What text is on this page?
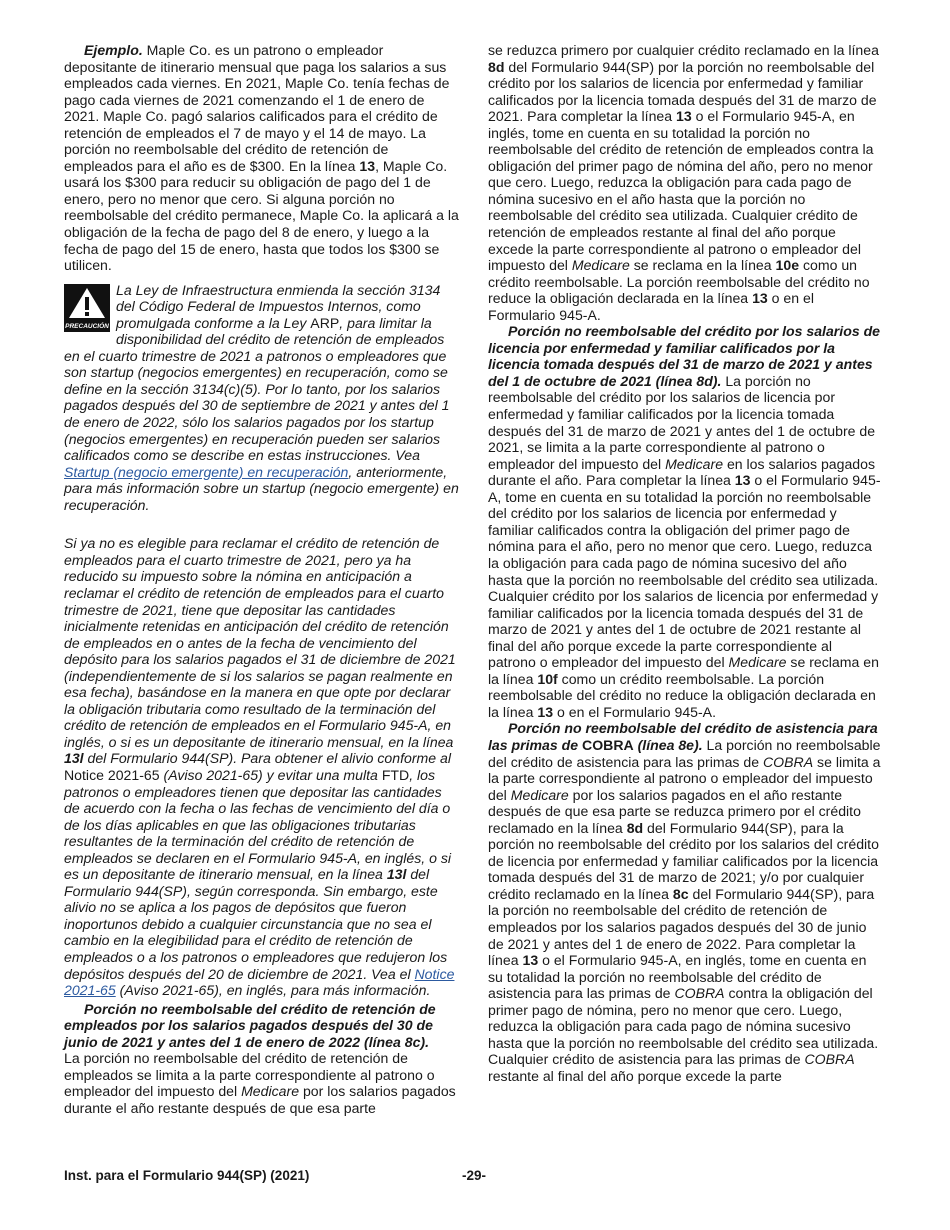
Ejemplo. Maple Co. es un patrono o empleador depositante de itinerario mensual que paga los salarios a sus empleados cada viernes. En 2021, Maple Co. tenía fechas de pago cada viernes de 2021 comenzando el 1 de enero de 2021. Maple Co. pagó salarios calificados para el crédito de retención de empleados el 7 de mayo y el 14 de mayo. La porción no reembolsable del crédito de retención de empleados para el año es de $300. En la línea 13, Maple Co. usará los $300 para reducir su obligación de pago del 1 de enero, pero no menor que cero. Si alguna porción no reembolsable del crédito permanece, Maple Co. la aplicará a la obligación de la fecha de pago del 8 de enero, y luego a la fecha de pago del 15 de enero, hasta que todos los $300 se utilicen.

PRECAUCIÓN

La Ley de Infraestructura enmienda la sección 3134 del Código Federal de Impuestos Internos, como promulgada conforme a la Ley ARP, para limitar la disponibilidad del crédito de retención de empleados en el cuarto trimestre de 2021 a patronos o empleadores que son startup (negocios emergentes) en recuperación, como se define en la sección 3134(c)(5). Por lo tanto, por los salarios pagados después del 30 de septiembre de 2021 y antes del 1 de enero de 2022, sólo los salarios pagados por los startup (negocios emergentes) en recuperación pueden ser salarios calificados como se describe en estas instrucciones. Vea Startup (negocio emergente) en recuperación, anteriormente, para más información sobre un startup (negocio emergente) en recuperación.

Si ya no es elegible para reclamar el crédito de retención de empleados para el cuarto trimestre de 2021, pero ya ha reducido su impuesto sobre la nómina en anticipación a reclamar el crédito de retención de empleados para el cuarto trimestre de 2021, tiene que depositar las cantidades inicialmente retenidas en anticipación del crédito de retención de empleados en o antes de la fecha de vencimiento del depósito para los salarios pagados el 31 de diciembre de 2021 (independientemente de si los salarios se pagan realmente en esa fecha), basándose en la manera en que opte por declarar la obligación tributaria como resultado de la terminación del crédito de retención de empleados en el Formulario 945-A, en inglés, o si es un depositante de itinerario mensual, en la línea 13l del Formulario 944(SP). Para obtener el alivio conforme al Notice 2021-65 (Aviso 2021-65) y evitar una multa FTD, los patronos o empleadores tienen que depositar las cantidades de acuerdo con la fecha o las fechas de vencimiento del día o de los días aplicables en que las obligaciones tributarias resultantes de la terminación del crédito de retención de empleados se declaren en el Formulario 945-A, en inglés, o si es un depositante de itinerario mensual, en la línea 13l del Formulario 944(SP), según corresponda. Sin embargo, este alivio no se aplica a los pagos de depósitos que fueron inoportunos debido a cualquier circunstancia que no sea el cambio en la elegibilidad para el crédito de retención de empleados o a los patronos o empleadores que redujeron los depósitos después del 20 de diciembre de 2021. Vea el Notice 2021-65 (Aviso 2021-65), en inglés, para más información.

Porción no reembolsable del crédito de retención de empleados por los salarios pagados después del 30 de junio de 2021 y antes del 1 de enero de 2022 (línea 8c).
La porción no reembolsable del crédito de retención de empleados se limita a la parte correspondiente al patrono o empleador del impuesto del Medicare por los salarios pagados durante el año restante después de que esa parte

se reduzca primero por cualquier crédito reclamado en la línea 8d del Formulario 944(SP) por la porción no reembolsable del crédito por los salarios de licencia por enfermedad y familiar calificados por la licencia tomada después del 31 de marzo de 2021. Para completar la línea 13 o el Formulario 945-A, en inglés, tome en cuenta en su totalidad la porción no reembolsable del crédito de retención de empleados contra la obligación del primer pago de nómina del año, pero no menor que cero. Luego, reduzca la obligación para cada pago de nómina sucesivo en el año hasta que la porción no reembolsable del crédito sea utilizada. Cualquier crédito de retención de empleados restante al final del año porque excede la parte correspondiente al patrono o empleador del impuesto del Medicare se reclama en la línea 10e como un crédito reembolsable. La porción reembolsable del crédito no reduce la obligación declarada en la línea 13 o en el Formulario 945-A.

Porción no reembolsable del crédito por los salarios de licencia por enfermedad y familiar calificados por la licencia tomada después del 31 de marzo de 2021 y antes del 1 de octubre de 2021 (línea 8d). La porción no reembolsable del crédito por los salarios de licencia por enfermedad y familiar calificados por la licencia tomada después del 31 de marzo de 2021 y antes del 1 de octubre de 2021, se limita a la parte correspondiente al patrono o empleador del impuesto del Medicare en los salarios pagados durante el año. Para completar la línea 13 o el Formulario 945-A, tome en cuenta en su totalidad la porción no reembolsable del crédito por los salarios de licencia por enfermedad y familiar calificados contra la obligación del primer pago de nómina para el año, pero no menor que cero. Luego, reduzca la obligación para cada pago de nómina sucesivo del año hasta que la porción no reembolsable del crédito sea utilizada. Cualquier crédito por los salarios de licencia por enfermedad y familiar calificados por la licencia tomada después del 31 de marzo de 2021 y antes del 1 de octubre de 2021 restante al final del año porque excede la parte correspondiente al patrono o empleador del impuesto del Medicare se reclama en la línea 10f como un crédito reembolsable. La porción reembolsable del crédito no reduce la obligación declarada en la línea 13 o en el Formulario 945-A.

Porción no reembolsable del crédito de asistencia para las primas de COBRA (línea 8e). La porción no reembolsable del crédito de asistencia para las primas de COBRA se limita a la parte correspondiente al patrono o empleador del impuesto del Medicare por los salarios pagados en el año restante después de que esa parte se reduzca primero por el crédito reclamado en la línea 8d del Formulario 944(SP), para la porción no reembolsable del crédito por los salarios del crédito de licencia por enfermedad y familiar calificados por la licencia tomada después del 31 de marzo de 2021; y/o por cualquier crédito reclamado en la línea 8c del Formulario 944(SP), para la porción no reembolsable del crédito de retención de empleados por los salarios pagados después del 30 de junio de 2021 y antes del 1 de enero de 2022. Para completar la línea 13 o el Formulario 945-A, en inglés, tome en cuenta en su totalidad la porción no reembolsable del crédito de asistencia para las primas de COBRA contra la obligación del primer pago de nómina, pero no menor que cero. Luego, reduzca la obligación para cada pago de nómina sucesivo hasta que la porción no reembolsable del crédito sea utilizada. Cualquier crédito de asistencia para las primas de COBRA restante al final del año porque excede la parte

Inst. para el Formulario 944(SP) (2021)	-29-
